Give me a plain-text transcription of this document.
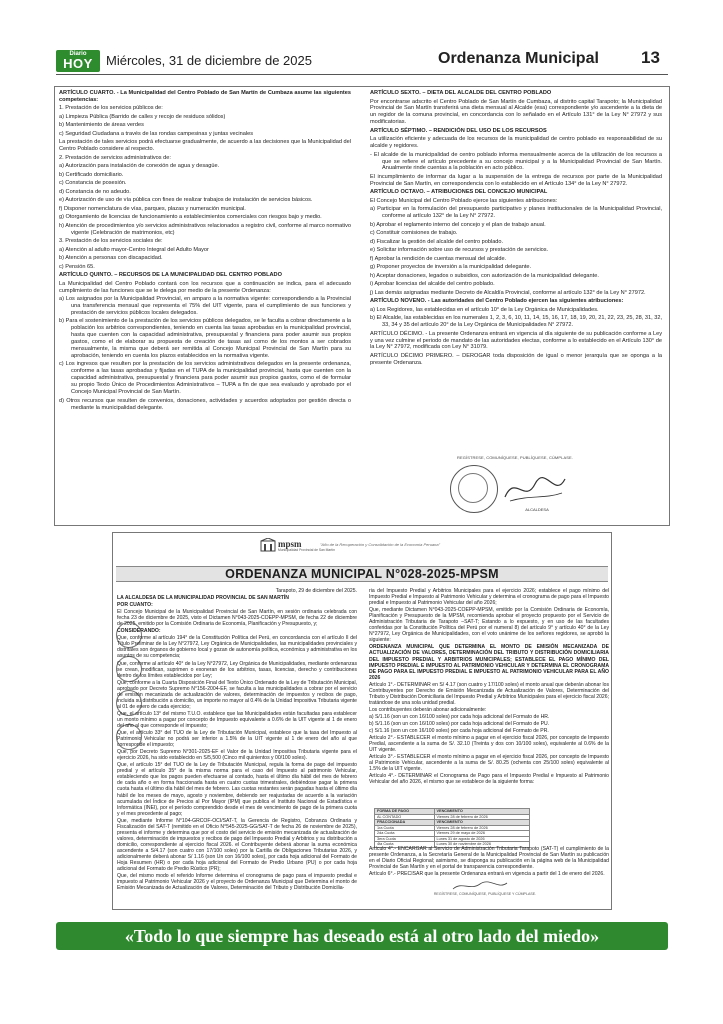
Diario
HOY	Miércoles, 31 de diciembre de 2025	Ordenanza Municipal 13

ARTÍCULO CUARTO. - La Municipalidad del Centro Poblado de San Martín de Cumbaza asume las siguientes competencias:

1. Prestación de los servicios públicos de:

a) Limpieza Pública (Barrido de calles y recojo de residuos sólidos)

b) Mantenimiento de áreas verdes

c) Seguridad Ciudadana a través de las rondas campesinas y juntas vecinales

La prestación de tales servicios podrá efectuarse gradualmente, de acuerdo a las decisiones que la Municipalidad del Centro Poblado considere al respecto.

2. Prestación de servicios administrativos de:

a) Autorización para instalación de conexión de agua y desagüe.

b) Certificado domiciliario.

c) Constancia de posesión.

d) Constancia de no adeudo.

e) Autorización de uso de vía pública con fines de realizar trabajos de instalación de servicios básicos.

f) Disponer nomenclatura de vías, parques, plazas y numeración municipal.

g) Otorgamiento de licencias de funcionamiento a establecimientos comerciales con riesgos bajo y medio.

h) Atención de procedimientos y/o servicios administrativos relacionados a registro civil, conforme al marco normativo vigente (Celebración de matrimonios, etc)

3. Prestación de los servicios sociales de:

a) Atención al adulto mayor-Centro Integral del Adulto Mayor

b) Atención a personas con discapacidad.

c) Pensión 65.

ARTÍCULO QUINTO. – RECURSOS DE LA MUNICIPALIDAD DEL CENTRO POBLADO

La Municipalidad del Centro Poblado contará con los recursos que a continuación se indica, para el adecuado cumplimiento de las funciones que se le delega por medio de la presente Ordenanza:

a) Los asignados por la Municipalidad Provincial, en amparo a la normativa vigente: correspondiendo a la Provincial una transferencia mensual que representa el 75% del UIT vigente, para el cumplimiento de sus funciones y prestación de servicios públicos locales delegados.

b) Para el sostenimiento de la prestación de los servicios públicos delegados, se le faculta a cobrar directamente a la población los arbitrios correspondientes, teniendo en cuenta las tasas aprobadas en la municipalidad provincial, hasta que cuenten con la capacidad administrativa, presupuestal y financiera para poder asumir sus propios gastos, como el de elaborar su propuesta de creación de tasas así como de los montos a ser cobrados mensualmente, la misma que deberá ser remitida al Concejo Municipal Provincial de San Martín para su aprobación, teniendo en cuenta los plazos establecidos en la normativa vigente.

c) Los ingresos que resulten por la prestación de los servicios administrativos delegados en la presente ordenanza, conforme a las tasas aprobadas y fijadas en el TUPA de la municipalidad provincial, hasta que cuenten con la capacidad administrativa, presupuestal y financiera para poder asumir sus propios gastos, como el de formular su propio Texto Único de Procedimientos Administrativos – TUPA a fin de que sea evaluado y aprobado por el Concejo Municipal Provincial de San Martín.

d) Otros recursos que resulten de convenios, donaciones, actividades y acuerdos adoptados por gestión directa o mediante la municipalidad delegante.

ARTÍCULO SEXTO. – DIETA DEL ALCALDE DEL CENTRO POBLADO

Por encontrarse adscrito el Centro Poblado de San Martín de Cumbaza, al distrito capital Tarapoto; la Municipalidad Provincial de San Martín transferirá una dieta mensual al Alcalde (esa) correspondiente y/o ascendente a la dieta de un regidor de la comuna provincial, en concordancia con lo señalado en el Artículo 131° de la Ley N° 27972 y sus modificatorias.

ARTÍCULO SÉPTIMO. – RENDICIÓN DEL USO DE LOS RECURSOS

La utilización eficiente y adecuada de los recursos de la municipalidad de centro poblado es responsabilidad de su alcalde y regidores.

- El alcalde de la municipalidad de centro poblado informa mensualmente acerca de la utilización de los recursos a que se refiere el artículo precedente a su concejo municipal y a la Municipalidad Provincial de San Martín. Anualmente rinde cuentas a la población en acto público.

El incumplimiento de informar da lugar a la suspensión de la entrega de recursos por parte de la Municipalidad Provincial de San Martín, en correspondencia con lo establecido en el Artículo 134° de la Ley N° 27972.

ARTÍCULO OCTAVO. – ATRIBUCIONES DEL CONCEJO MUNICIPAL

El Concejo Municipal del Centro Poblado ejerce las siguientes atribuciones:

a) Participar en la formulación del presupuesto participativo y planes institucionales de la Municipalidad Provincial, conforme al artículo 132° de la Ley N° 27972.

b) Aprobar el reglamento interno del concejo y el plan de trabajo anual.

c) Constituir comisiones de trabajo.

d) Fiscalizar la gestión del alcalde del centro poblado.

e) Solicitar información sobre uso de recursos y prestación de servicios.

f) Aprobar la rendición de cuentas mensual del alcalde.

g) Proponer proyectos de inversión a la municipalidad delegante.

h) Aceptar donaciones, legados o subsidios, con autorización de la municipalidad delegante.

i) Aprobar licencias del alcalde del centro poblado.

j) Las demás asignadas mediante Decreto de Alcaldía Provincial, conforme al artículo 132° de la Ley N° 27972.

ARTÍCULO NOVENO. - Las autoridades del Centro Poblado ejercen las siguientes atribuciones:

a) Los Regidores, las establecidas en el artículo 10° de la Ley Orgánica de Municipalidades.

b) El Alcalde, las establecidas en los numerales 1, 2, 3, 6, 10, 11, 14, 15, 16, 17, 18, 19, 20, 21, 22, 23, 25, 28, 31, 32, 33, 34 y 35 del artículo 20° de la Ley Orgánica de Municipalidades N° 27972.

ARTÍCULO DÉCIMO. - La presente Ordenanza entrará en vigencia al día siguiente de su publicación conforme a Ley y una vez culmine el periodo de mandato de las autoridades electas, conforme a lo establecido en el Artículo 130° de la Ley N° 27972, modificada con Ley N° 31079.

ARTÍCULO DÉCIMO PRIMERO. – DEROGAR toda disposición de igual o menor jerarquía que se oponga a la presente Ordenanza.

REGÍSTRESE, COMUNÍQUESE, PUBLÍQUESE, CÚMPLASE.
ALCALDESA
mpsm
Municipalidad Provincial de San Martín
"Año de la Recuperación y Consolidación de la Economía Peruana"
ORDENANZA MUNICIPAL N°028-2025-MPSM

Tarapoto, 29 de diciembre del 2025.

LA ALCALDESA DE LA MUNICIPALIDAD PROVINCIAL DE SAN MARTÍN

POR CUANTO:

El Concejo Municipal de la Municipalidad Provincial de San Martín, en sesión ordinaria celebrada con fecha 23 de diciembre de 2025, visto el Dictamen N°043-2025-COEPP-MPSM, de fecha 22 de diciembre de 2025, emitido por la Comisión Ordinaria de Economía, Planificación y Presupuesto, y;

CONSIDERANDO:

Que, conforme al artículo 194° de la Constitución Política del Perú, en concordancia con el artículo II del Título Preliminar de la Ley N°27972, Ley Orgánica de Municipalidades, las municipalidades provinciales y distritales son órganos de gobierno local y gozan de autonomía política, económica y administrativa en los asuntos de su competencia;

Que, conforme al artículo 40° de la Ley N°27972, Ley Orgánica de Municipalidades, mediante ordenanzas se crean, modifican, suprimen o exoneran de los arbitrios, tasas, licencias, derecho y contribuciones dentro de los límites establecidos por Ley;

Que, conforme a la Cuarta Disposición Final del Texto Único Ordenado de la Ley de Tributación Municipal, aprobado por Decreto Supremo N°156-2004-EF, se faculta a las municipalidades a cobrar por el servicio de emisión mecanizada de actualización de valores, determinación de impuestos y recibos de pago, incluida su distribución a domicilio, un importe no mayor al 0.4% de la Unidad Impositiva Tributaria vigente al 01 de enero de cada ejercicio;

Que, el artículo 13° del mismo T.U.O. establece que las Municipalidades están facultadas para establecer un monto mínimo a pagar por concepto de Impuesto equivalente a 0.6% de la UIT vigente al 1 de enero del año al que corresponde el impuesto;

Que, el artículo 33° del TUO de la Ley de Tributación Municipal, establece que la tasa del Impuesto al Patrimonio Vehicular no podrá ser inferior a 1.5% de la UIT vigente al 1 de enero del año al que corresponde el impuesto;

Que, por Decreto Supremo N°301-2025-EF el Valor de la Unidad Impositiva Tributaria vigente para el ejercicio 2026, ha sido establecido en S/5,500 (Cinco mil quinientos y 00/100 soles).

Que, el artículo 15° del TUO de la Ley de Tributación Municipal, regula la forma de pago del impuesto predial y el artículo 35° de la misma norma para el caso del Impuesto al patrimonio Vehicular, estableciendo que los pagos pueden efectuarse al contado, hasta el último día hábil del mes de febrero de cada año o en forma fraccionada hasta en cuatro cuotas trimestrales, debiéndose pagar la primera cuota hasta el último día hábil del mes de febrero. Las cuotas restantes serán pagadas hasta el último día hábil de los meses de mayo, agosto y noviembre, debiendo ser reajustadas de acuerdo a la variación acumulada del Índice de Precios al Por Mayor (IPM) que publica el Instituto Nacional de Estadística e Informática (INEI), por el período comprendido desde el mes de vencimiento de pago de la primera cuota y el mes precedente al pago;

Que, mediante Informe N°104-GRCOF-OCI/SAT-T, la Gerencia de Registro, Cobranza Ordinaria y Fiscalización del SAT-T (remitido en el Oficio N°545-2025-GG/SAT-T de fecha 26 de noviembre de 2025), presenta el informe y determina que por el costo del servicio de emisión mecanizada de actualización de valores, determinación de impuestos y recibos de pago del Impuesto Predial y Arbitrios y su distribución a domicilio, correspondiente al ejercicio fiscal 2026. el Contribuyente deberá abonar la suma económica ascendente a S/4.17 (son cuatro con 17/100 soles) por la Cartilla de Obligaciones Tributarias 2026, y adicionalmente deberá abonar S/ 1.16 (son Un con 16/100 soles), por cada hoja adicional del Formato de Hoja Resumen (HR) o por cada hoja adicional del Formato de Predio Urbano (PU) o por cada hoja adicional del Formato de Predio Rústico (PR);

Que, del mismo modo el referido Informe determina el cronograma de pago para el impuesto predial e impuesto al Patrimonio Vehicular 2026 y el proyecto de Ordenanza Municipal que Determina el monto de Emisión Mecanizada de Actualización de Valores, Determinación del Tributo y Distribución Domicilia-

ria del Impuesto Predial y Arbitrios Municipales para el ejercicio 2026; establece el pago mínimo del Impuesto Predial e Impuesto al Patrimonio Vehicular y determina el cronograma de pago para el Impuesto predial e Impuesto al Patrimonio Vehicular del año 2026;

Que, mediante Dictamen N°043-2025-COEPP-MPSM, emitido por la Comisión Ordinaria de Economía, Planificación y Presupuesto de la MPSM, recomienda aprobar el proyecto propuesto por el Servicio de Administración Tributaria de Tarapoto –SAT-T; Estando a lo expuesto, y en uso de las facultades conferidas por la Constitución Política del Perú por el numeral 8) del artículo 9° y artículo 40° de la Ley N°27972, Ley Orgánica de Municipalidades, con el voto unánime de los señores regidores, se aprobó la siguiente:

ORDENANZA MUNICIPAL QUE DETERMINA EL MONTO DE EMISIÓN MECANIZADA DE ACTUALIZACIÓN DE VALORES, DETERMINACIÓN DEL TRIBUTO Y DISTRIBUCIÓN DOMICILIARIA DEL IMPUESTO PREDIAL Y ARBITRIOS MUNICIPALES; ESTABLECE EL PAGO MÍNIMO DEL IMPUESTO PREDIAL E IMPUESTO AL PATRIMONIO VEHICULAR Y DETERMINA EL CRONOGRAMA DE PAGO PARA EL IMPUESTO PREDIAL E IMPUESTO AL PATRIMONIO VEHICULAR PARA EL AÑO 2026

Artículo 1°.- DETERMINAR en S/ 4.17 (son cuatro y 17/100 soles) el monto anual que deberán abonar los Contribuyentes por Derecho de Emisión Mecanizada de Actualización de Valores, Determinación del Tributo y Distribución Domiciliaria del Impuesto Predial y Arbitrios Municipales para el ejercicio fiscal 2026; tratándose de una sola unidad predial.

Los contribuyentes deberán abonar adicionalmente:

a) S/1.16 (son un con 16/100 soles) por cada hoja adicional del Formato de HR.

b) S/1.16 (son un con 16/100 soles) por cada hoja adicional del Formato de PU.

c) S/1.16 (son un con 16/100 soles) por cada hoja adicional del Formato de PR.

Artículo 2°.- ESTABLECER el monto mínimo a pagar en el ejercicio fiscal 2026, por concepto de Impuesto Predial, ascendente a la suma de S/. 32.10 (Treinta y dos con 10/100 soles), equivalente al 0.6% de la UIT vigente.

Artículo 3°.- ESTABLECER el monto mínimo a pagar en el ejercicio fiscal 2026, por concepto de Impuesto al Patrimonio Vehicular, ascendente a la suma de S/. 80.25 (ochenta con 25/100 soles) equivalente al 1.5% de la UIT vigente.

Artículo 4°.- DETERMINAR el Cronograma de Pago para el Impuesto Predial e Impuesto al Patrimonio Vehicular del año 2026, el mismo que se establece de la siguiente forma:

FORMA DE PAGO	VENCIMIENTO
AL CONTADO	Viernes 28 de febrero de 2026
FRACCIONADA	VENCIMIENTO
1ra Cuota	Viernes 28 de febrero de 2026
2da Cuota	Viernes 29 de mayo de 2026
3era Cuota	Lunes 31 de agosto de 2026
4ta Cuota	Lunes 30 de noviembre de 2026

Artículo 4°.- ENCARGAR al Servicio de Administración Tributaria Tarapoto (SAT-T) el cumplimiento de la presente Ordenanza, a la Secretaría General de la Municipalidad Provincial de San Martín su publicación en el Diario Oficial Regional; asimismo, se disponga su publicación en la página web de la Municipalidad Provincial de San Martín y en el portal de transparencia correspondiente.

Artículo 6°.- PRECISAR que la presente Ordenanza entrará en vigencia a partir del 1 de enero del 2026.

REGÍSTRESE, COMUNÍQUESE, PUBLÍQUESE Y CÚMPLASE.
«Todo lo que siempre has deseado está al otro lado del miedo»
